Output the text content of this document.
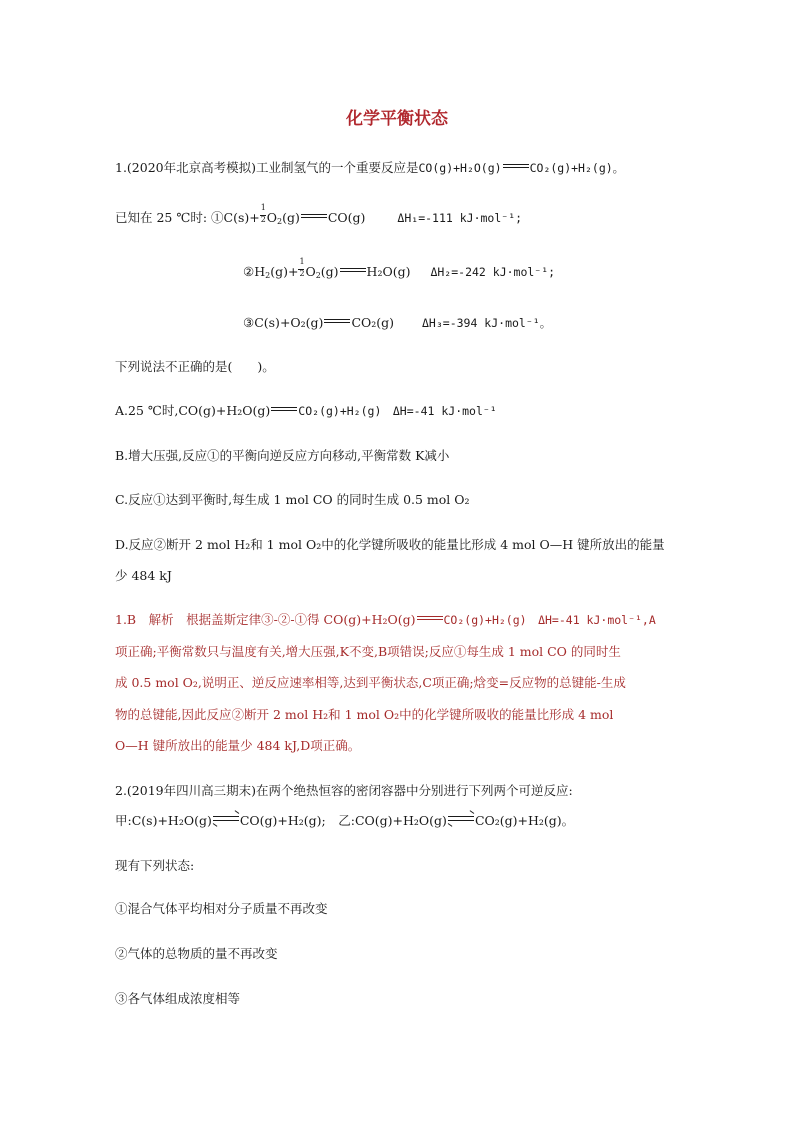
化学平衡状态
1.(2020年北京高考模拟)工业制氢气的一个重要反应是CO(g)+H₂O(g) CO₂(g)+H₂(g)。
已知在 25 ℃时: ①C(s)+ $\frac{1}{2} O_2(g)$ CO(g)	ΔH₁=-111 kJ·mol⁻¹;
$②H_2(g)+ \frac{1}{2} O_2(g)$ H₂O(g) ΔH₂=-242 kJ·mol⁻¹;
③C(s)+O₂(g) CO₂(g) ΔH₃=-394 kJ·mol⁻¹。
下列说法不正确的是(　　)。
A.25 ℃时,CO(g)+H₂O(g) CO₂(g)+H₂(g)　ΔH=-41 kJ·mol⁻¹
B.增大压强,反应①的平衡向逆反应方向移动,平衡常数 K减小
C.反应①达到平衡时,每生成 1 mol CO 的同时生成 0.5 mol O₂
D.反应②断开 2 mol H₂和 1 mol O₂中的化学键所吸收的能量比形成 4 mol O—H 键所放出的能量
少 484 kJ
1.B　解析　根据盖斯定律③-②-①得 CO(g)+H₂O(g) CO₂(g)+H₂(g)　ΔH=-41 kJ·mol⁻¹,A
项正确;平衡常数只与温度有关,增大压强,K不变,B项错误;反应①每生成 1 mol CO 的同时生
成 0.5 mol O₂,说明正、逆反应速率相等,达到平衡状态,C项正确;焓变=反应物的总键能-生成
物的总键能,因此反应②断开 2 mol H₂和 1 mol O₂中的化学键所吸收的能量比形成 4 mol
O—H 键所放出的能量少 484 kJ,D项正确。
2.(2019年四川高三期末)在两个绝热恒容的密闭容器中分别进行下列两个可逆反应:
甲:C(s)+H₂O(g) CO(g)+H₂(g);　乙:CO(g)+H₂O(g) CO₂(g)+H₂(g)。
现有下列状态:
①混合气体平均相对分子质量不再改变
②气体的总物质的量不再改变
③各气体组成浓度相等
